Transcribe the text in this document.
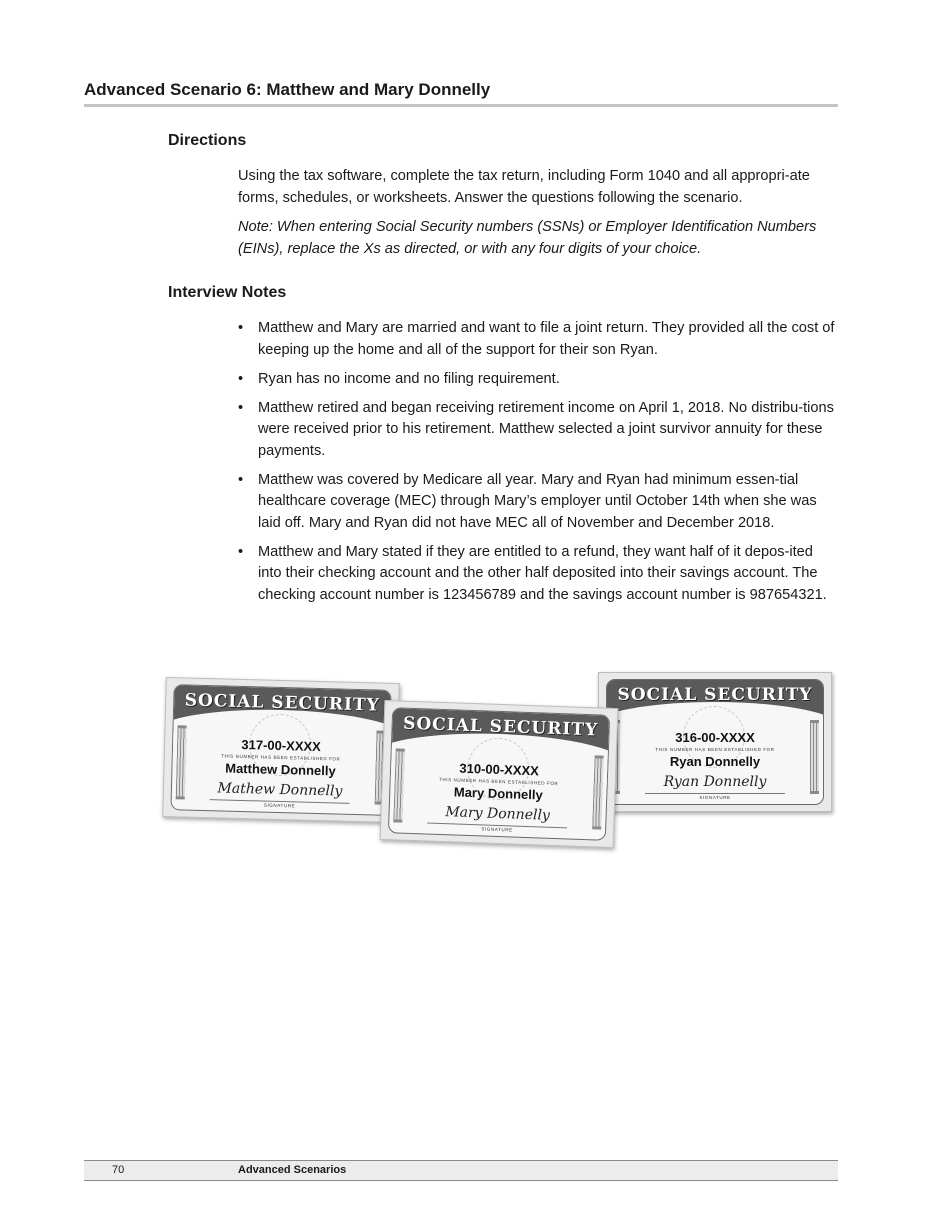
Advanced Scenario 6: Matthew and Mary Donnelly
Directions

Using the tax software, complete the tax return, including Form 1040 and all appropri-ate forms, schedules, or worksheets. Answer the questions following the scenario.

Note: When entering Social Security numbers (SSNs) or Employer Identification Numbers (EINs), replace the Xs as directed, or with any four digits of your choice.

Interview Notes
• Matthew and Mary are married and want to file a joint return. They provided all the cost of keeping up the home and all of the support for their son Ryan.
• Ryan has no income and no filing requirement.
• Matthew retired and began receiving retirement income on April 1, 2018. No distribu-tions were received prior to his retirement. Matthew selected a joint survivor annuity for these payments.
• Matthew was covered by Medicare all year. Mary and Ryan had minimum essen-tial healthcare coverage (MEC) through Mary’s employer until October 14th when she was laid off. Mary and Ryan did not have MEC all of November and December 2018.
• Matthew and Mary stated if they are entitled to a refund, they want half of it depos-ited into their checking account and the other half deposited into their savings account. The checking account number is 123456789 and the savings account number is 987654321.
SOCIAL SECURITY
317-00-XXXX
THIS NUMBER HAS BEEN ESTABLISHED FOR
Matthew Donnelly
Mathew Donnelly
SIGNATURE
SOCIAL SECURITY
316-00-XXXX
THIS NUMBER HAS BEEN ESTABLISHED FOR
Ryan Donnelly
Ryan Donnelly
SIGNATURE
SOCIAL SECURITY
310-00-XXXX
THIS NUMBER HAS BEEN ESTABLISHED FOR
Mary Donnelly
Mary Donnelly
SIGNATURE
70	Advanced Scenarios
